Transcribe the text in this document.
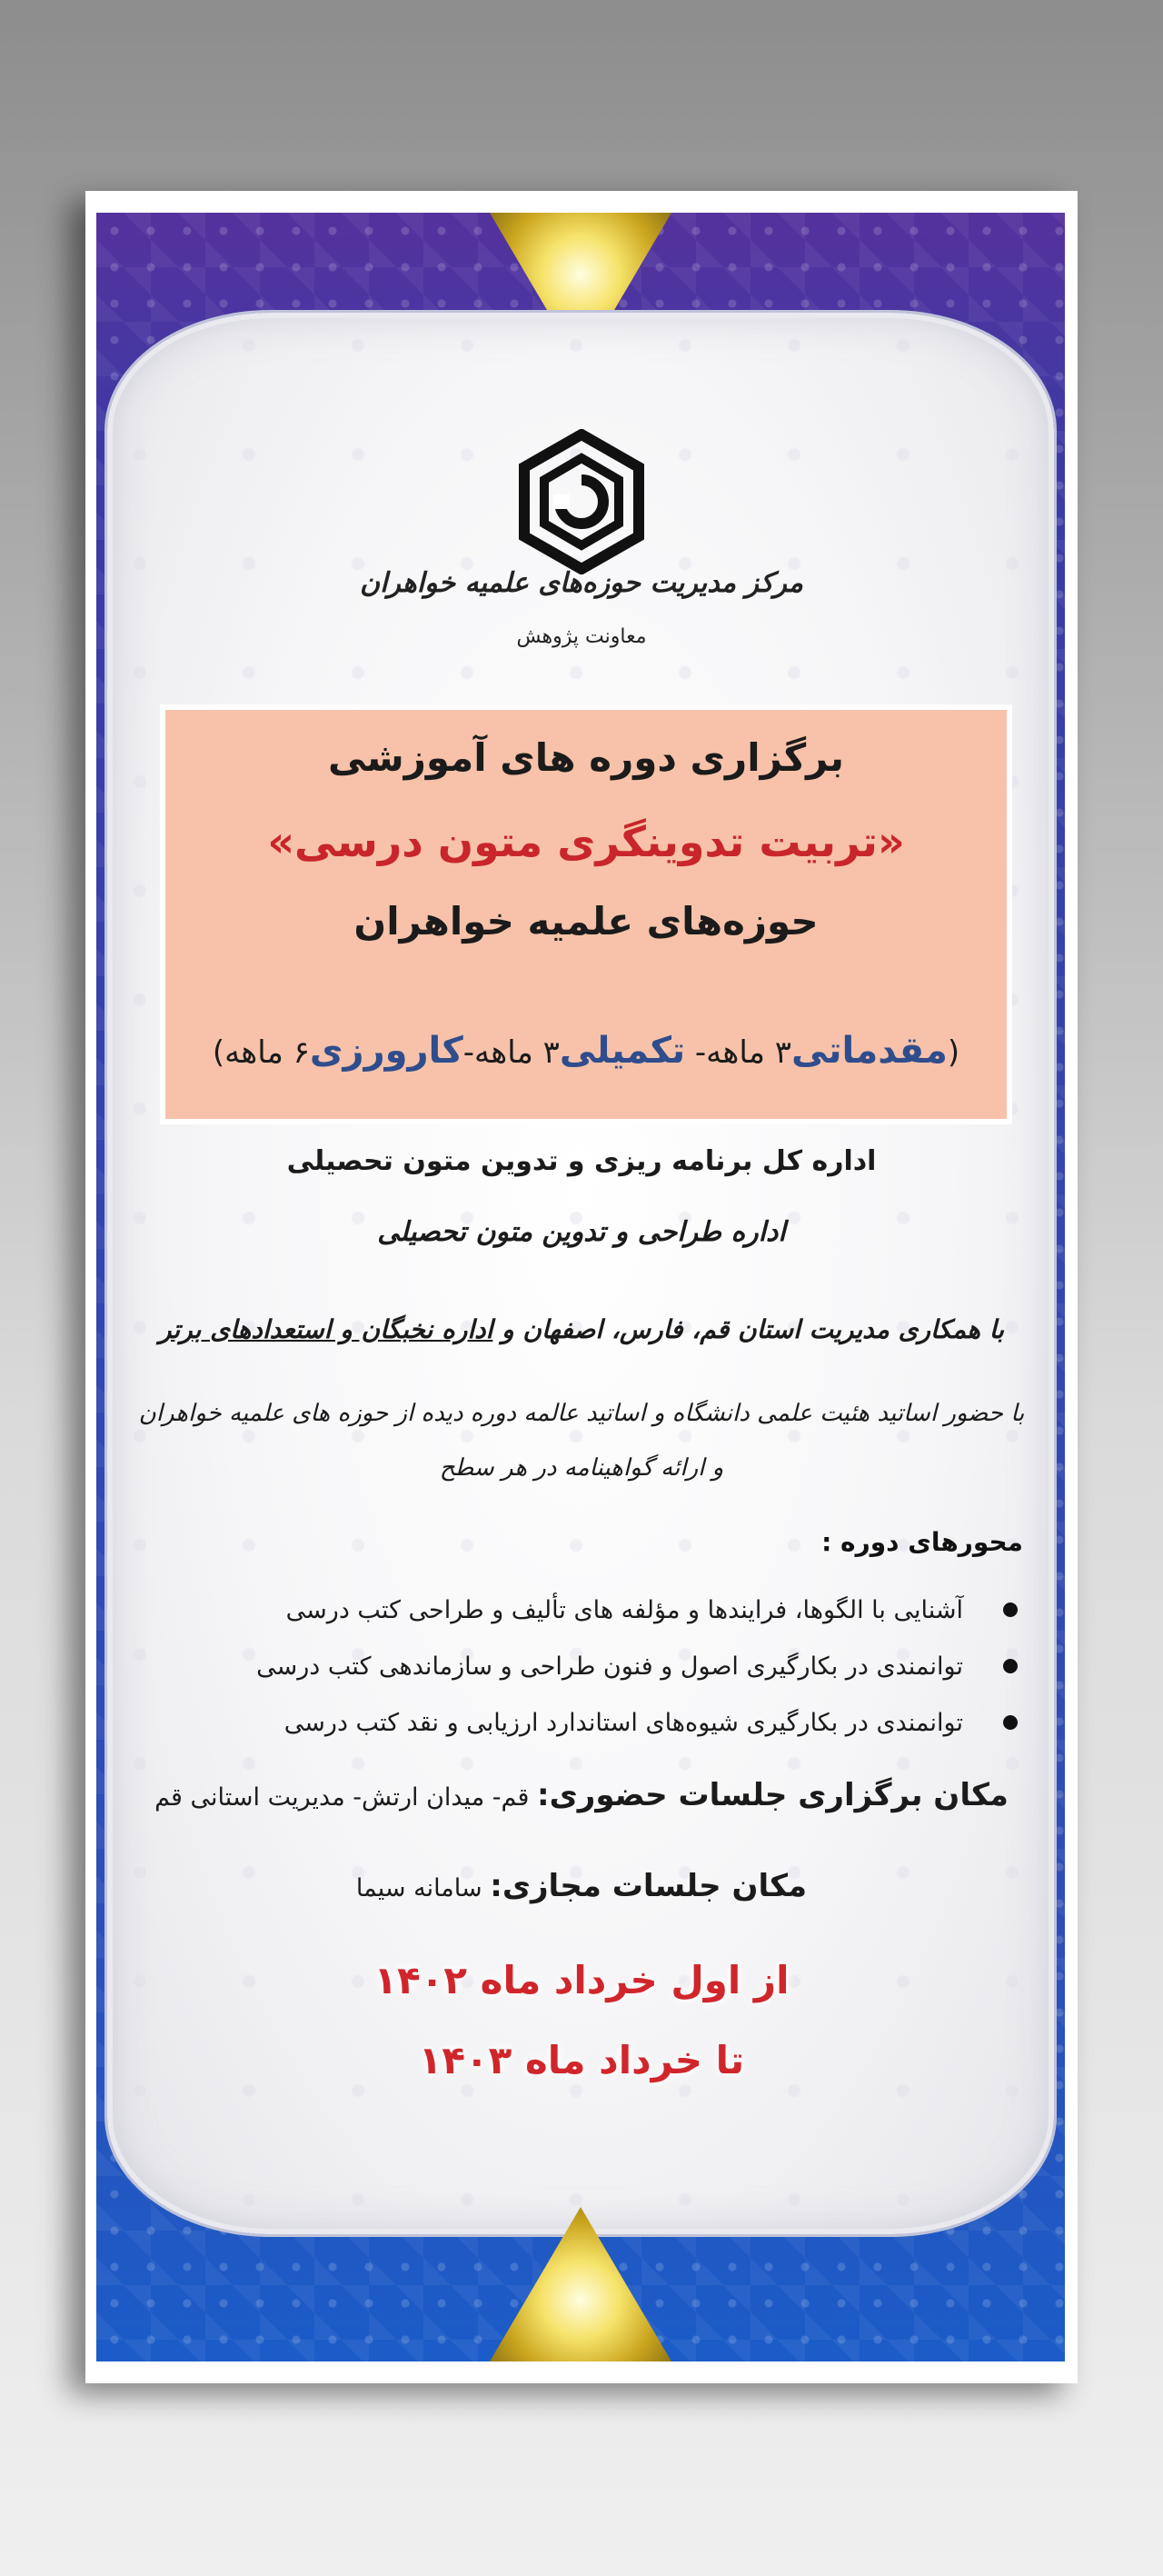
مرکز مدیریت حوزه‌های علمیه خواهران
معاونت پژوهش
برگزاری دوره های آموزشی
«تربیت تدوینگری متون درسی»
حوزه‌های علمیه خواهران
(مقدماتی۳ ماهه- تکمیلی۳ ماهه-کارورزی۶ ماهه)
اداره کل برنامه ریزی و تدوین متون تحصیلی
اداره طراحی و تدوین متون تحصیلی
با همکاری مدیریت استان قم، فارس، اصفهان و اداره نخبگان و استعدادهای برتر
با حضور اساتید هئیت علمی دانشگاه و اساتید عالمه دوره دیده از حوزه های علمیه خواهران
و ارائه گواهینامه در هر سطح
محورهای دوره :
آشنایی با الگوها، فرایندها و مؤلفه های تألیف و طراحی کتب درسی
توانمندی در بکارگیری اصول و فنون طراحی و سازماندهی کتب درسی
توانمندی در بکارگیری شیوه‌های استاندارد ارزیابی و نقد کتب درسی
مکان برگزاری جلسات حضوری: قم- میدان ارتش- مدیریت استانی قم
مکان جلسات مجازی: سامانه سیما
از اول خرداد ماه ۱۴۰۲
تا خرداد ماه ۱۴۰۳
